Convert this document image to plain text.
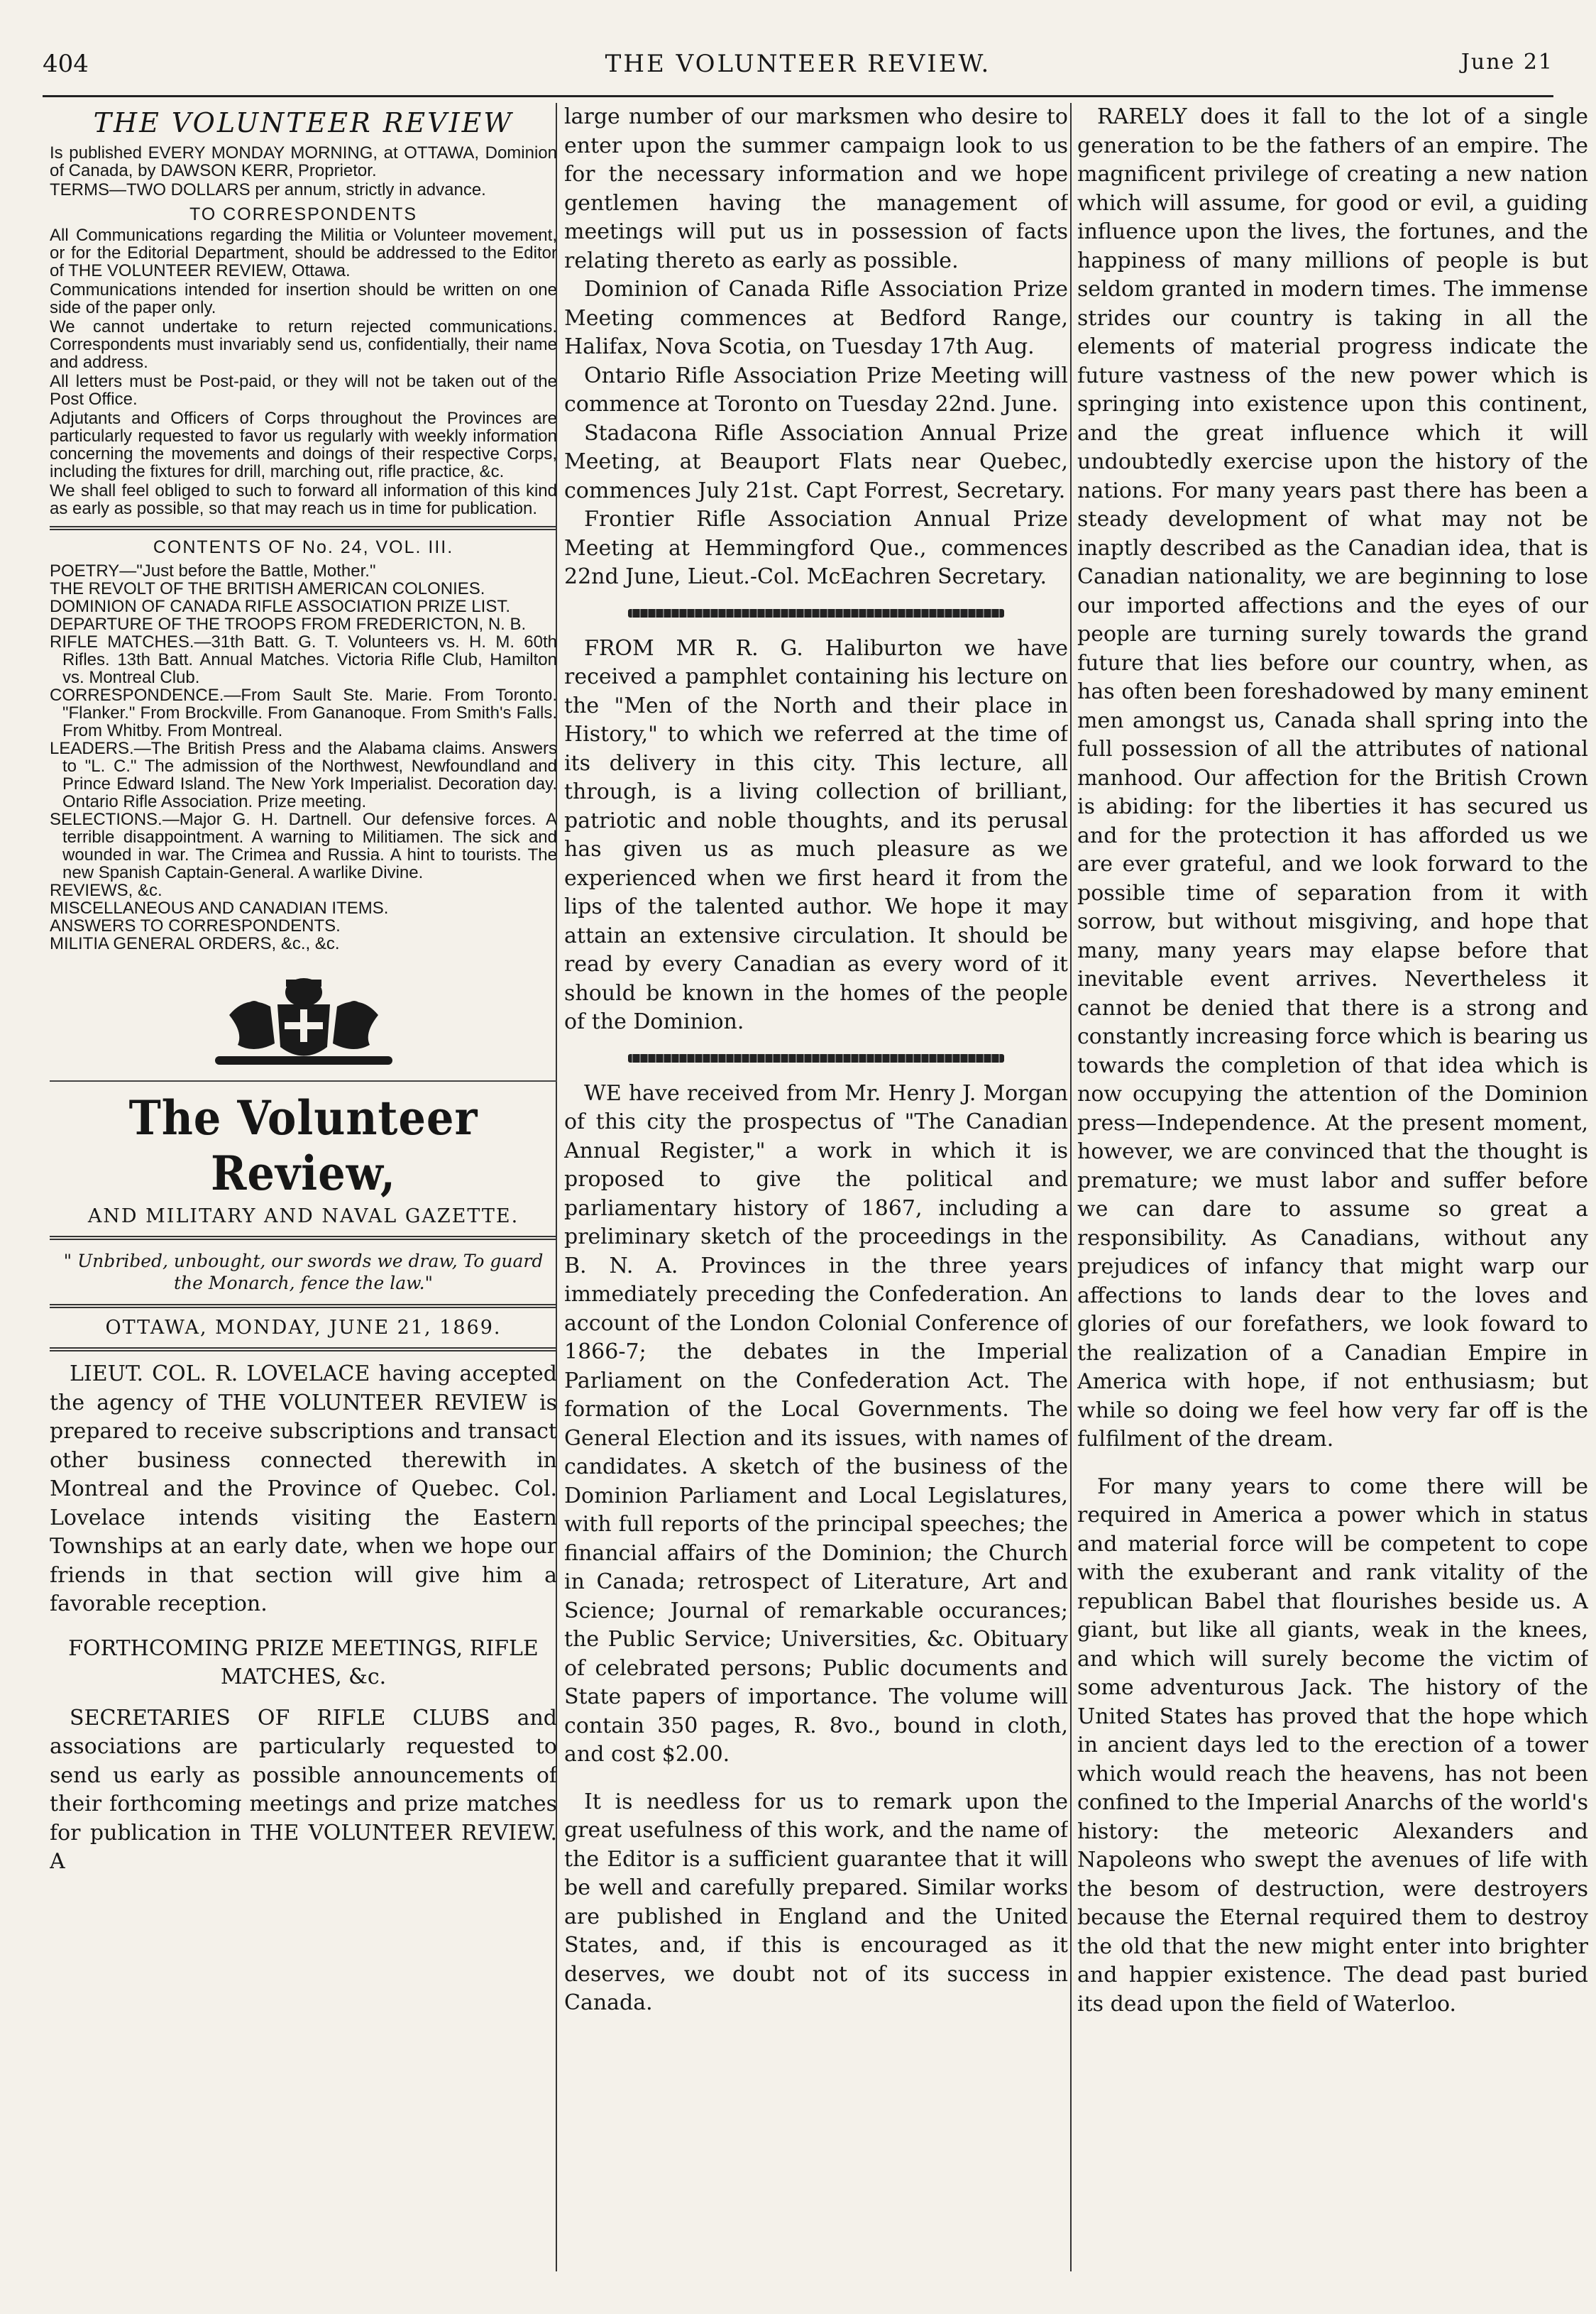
404	THE VOLUNTEER REVIEW.	June 21
THE VOLUNTEER REVIEW

Is published EVERY MONDAY MORNING, at OTTAWA, Dominion of Canada, by DAWSON KERR, Proprietor.

TERMS—TWO DOLLARS per annum, strictly in advance.

TO CORRESPONDENTS

All Communications regarding the Militia or Volunteer movement, or for the Editorial Department, should be addressed to the Editor of THE VOLUNTEER REVIEW, Ottawa.

Communications intended for insertion should be written on one side of the paper only.

We cannot undertake to return rejected communications. Correspondents must invariably send us, confidentially, their name and address.

All letters must be Post-paid, or they will not be taken out of the Post Office.

Adjutants and Officers of Corps throughout the Provinces are particularly requested to favor us regularly with weekly information concerning the movements and doings of their respective Corps, including the fixtures for drill, marching out, rifle practice, &c.

We shall feel obliged to such to forward all information of this kind as early as possible, so that may reach us in time for publication.

CONTENTS OF No. 24, VOL. III.

POETRY—"Just before the Battle, Mother."

THE REVOLT OF THE BRITISH AMERICAN COLONIES.

DOMINION OF CANADA RIFLE ASSOCIATION PRIZE LIST.

DEPARTURE OF THE TROOPS FROM FREDERICTON, N. B.

RIFLE MATCHES.—31th Batt. G. T. Volunteers vs. H. M. 60th Rifles. 13th Batt. Annual Matches. Victoria Rifle Club, Hamilton vs. Montreal Club.

CORRESPONDENCE.—From Sault Ste. Marie. From Toronto. "Flanker." From Brockville. From Gananoque. From Smith's Falls. From Whitby. From Montreal.

LEADERS.—The British Press and the Alabama claims. Answers to "L. C." The admission of the Northwest, Newfoundland and Prince Edward Island. The New York Imperialist. Decoration day. Ontario Rifle Association. Prize meeting.

SELECTIONS.—Major G. H. Dartnell. Our defensive forces. A terrible disappointment. A warning to Militiamen. The sick and wounded in war. The Crimea and Russia. A hint to tourists. The new Spanish Captain-General. A warlike Divine.

REVIEWS, &c.

MISCELLANEOUS AND CANADIAN ITEMS.

ANSWERS TO CORRESPONDENTS.

MILITIA GENERAL ORDERS, &c., &c.

The Volunteer Review,
AND MILITARY AND NAVAL GAZETTE.
" Unbribed, unbought, our swords we draw, To guard the Monarch, fence the law."
OTTAWA, MONDAY, JUNE 21, 1869.

LIEUT. COL. R. LOVELACE having accepted the agency of THE VOLUNTEER REVIEW is prepared to receive subscriptions and transact other business connected therewith in Montreal and the Province of Quebec. Col. Lovelace intends visiting the Eastern Townships at an early date, when we hope our friends in that section will give him a favorable reception.

FORTHCOMING PRIZE MEETINGS, RIFLE MATCHES, &c.

SECRETARIES OF RIFLE CLUBS and associations are particularly requested to send us early as possible announcements of their forthcoming meetings and prize matches for publication in THE VOLUNTEER REVIEW. A

large number of our marksmen who desire to enter upon the summer campaign look to us for the necessary information and we hope gentlemen having the management of meetings will put us in possession of facts relating thereto as early as possible.

Dominion of Canada Rifle Association Prize Meeting commences at Bedford Range, Halifax, Nova Scotia, on Tuesday 17th Aug.

Ontario Rifle Association Prize Meeting will commence at Toronto on Tuesday 22nd. June.

Stadacona Rifle Association Annual Prize Meeting, at Beauport Flats near Quebec, commences July 21st. Capt Forrest, Secretary.

Frontier Rifle Association Annual Prize Meeting at Hemmingford Que., commences 22nd June, Lieut.-Col. McEachren Secretary.

FROM MR R. G. Haliburton we have received a pamphlet containing his lecture on the "Men of the North and their place in History," to which we referred at the time of its delivery in this city. This lecture, all through, is a living collection of brilliant, patriotic and noble thoughts, and its perusal has given us as much pleasure as we experienced when we first heard it from the lips of the talented author. We hope it may attain an extensive circulation. It should be read by every Canadian as every word of it should be known in the homes of the people of the Dominion.

WE have received from Mr. Henry J. Morgan of this city the prospectus of "The Canadian Annual Register," a work in which it is proposed to give the political and parliamentary history of 1867, including a preliminary sketch of the proceedings in the B. N. A. Provinces in the three years immediately preceding the Confederation. An account of the London Colonial Conference of 1866-7; the debates in the Imperial Parliament on the Confederation Act. The formation of the Local Governments. The General Election and its issues, with names of candidates. A sketch of the business of the Dominion Parliament and Local Legislatures, with full reports of the principal speeches; the financial affairs of the Dominion; the Church in Canada; retrospect of Literature, Art and Science; Journal of remarkable occurances; the Public Service; Universities, &c. Obituary of celebrated persons; Public documents and State papers of importance. The volume will contain 350 pages, R. 8vo., bound in cloth, and cost $2.00.

It is needless for us to remark upon the great usefulness of this work, and the name of the Editor is a sufficient guarantee that it will be well and carefully prepared. Similar works are published in England and the United States, and, if this is encouraged as it deserves, we doubt not of its success in Canada.

RARELY does it fall to the lot of a single generation to be the fathers of an empire. The magnificent privilege of creating a new nation which will assume, for good or evil, a guiding influence upon the lives, the fortunes, and the happiness of many millions of people is but seldom granted in modern times. The immense strides our country is taking in all the elements of material progress indicate the future vastness of the new power which is springing into existence upon this continent, and the great influence which it will undoubtedly exercise upon the history of the nations. For many years past there has been a steady development of what may not be inaptly described as the Canadian idea, that is Canadian nationality, we are beginning to lose our imported affections and the eyes of our people are turning surely towards the grand future that lies before our country, when, as has often been foreshadowed by many eminent men amongst us, Canada shall spring into the full possession of all the attributes of national manhood. Our affection for the British Crown is abiding: for the liberties it has secured us and for the protection it has afforded us we are ever grateful, and we look forward to the possible time of separation from it with sorrow, but without misgiving, and hope that many, many years may elapse before that inevitable event arrives. Nevertheless it cannot be denied that there is a strong and constantly increasing force which is bearing us towards the completion of that idea which is now occupying the attention of the Dominion press—Independence. At the present moment, however, we are convinced that the thought is premature; we must labor and suffer before we can dare to assume so great a responsibility. As Canadians, without any prejudices of infancy that might warp our affections to lands dear to the loves and glories of our forefathers, we look foward to the realization of a Canadian Empire in America with hope, if not enthusiasm; but while so doing we feel how very far off is the fulfilment of the dream.

For many years to come there will be required in America a power which in status and material force will be competent to cope with the exuberant and rank vitality of the republican Babel that flourishes beside us. A giant, but like all giants, weak in the knees, and which will surely become the victim of some adventurous Jack. The history of the United States has proved that the hope which in ancient days led to the erection of a tower which would reach the heavens, has not been confined to the Imperial Anarchs of the world's history: the meteoric Alexanders and Napoleons who swept the avenues of life with the besom of destruction, were destroyers because the Eternal required them to destroy the old that the new might enter into brighter and happier existence. The dead past buried its dead upon the field of Waterloo.
